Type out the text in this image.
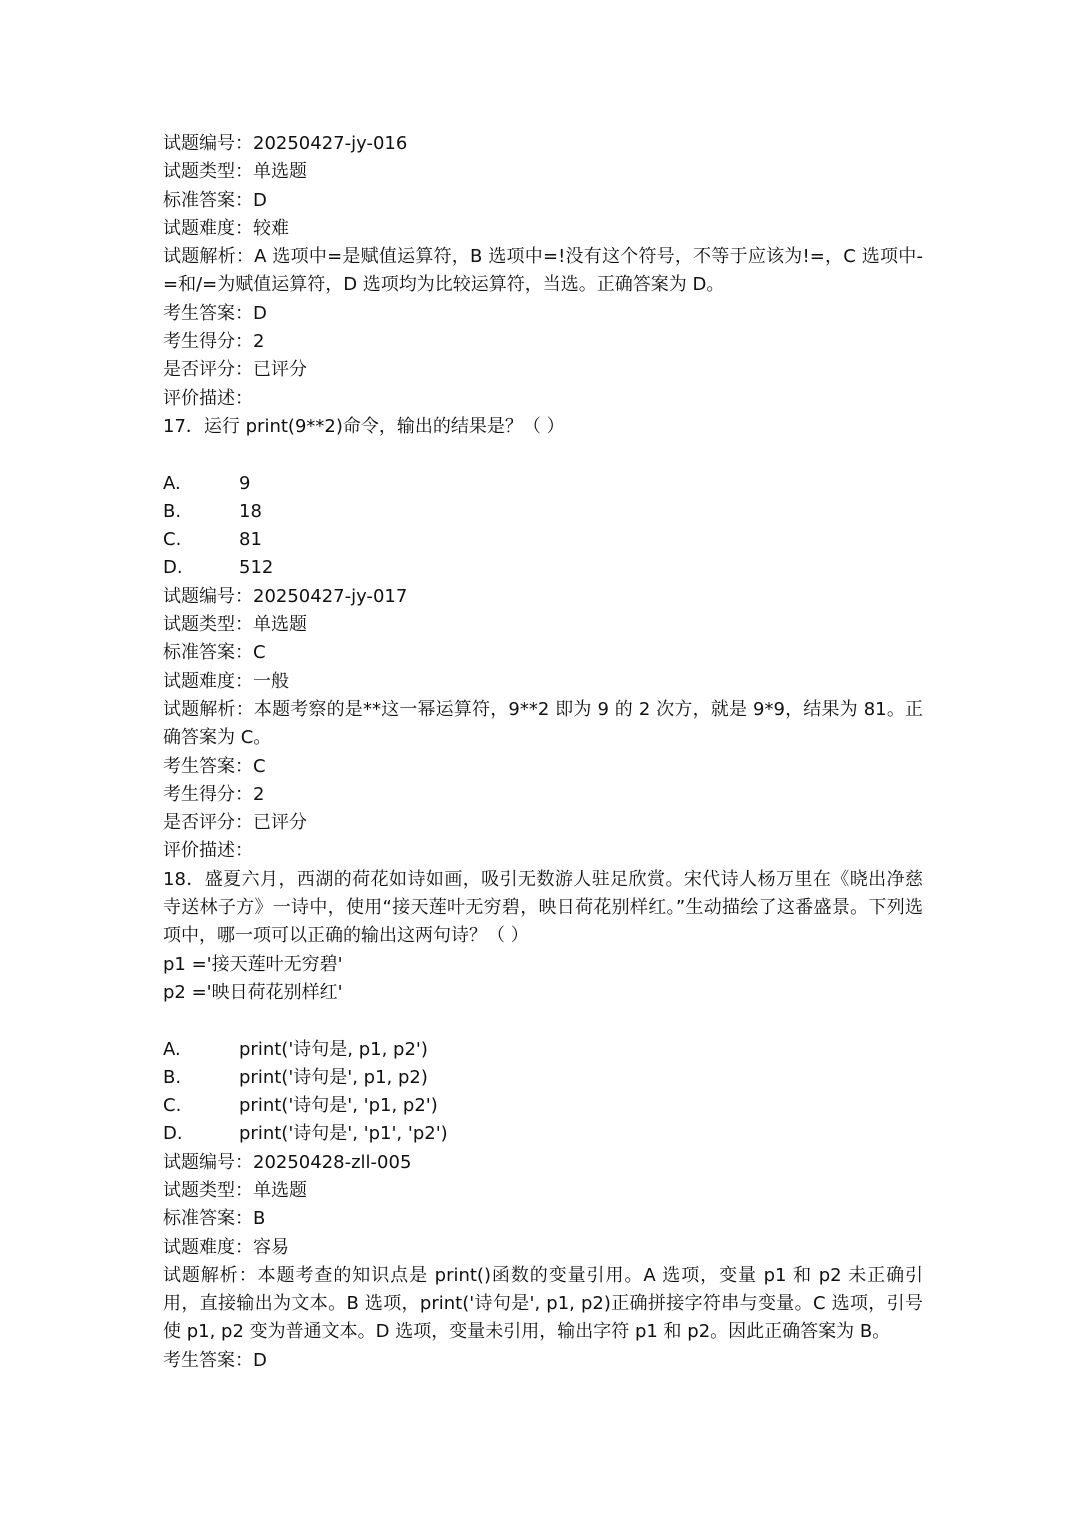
试题编号：20250427-jy-016

试题类型：单选题

标准答案：D

试题难度：较难

试题解析：A 选项中=是赋值运算符，B 选项中=!没有这个符号，不等于应该为!=，C 选项中-=和/=为赋值运算符，D 选项均为比较运算符，当选。正确答案为 D。

考生答案：D

考生得分：2

是否评分：已评分

评价描述：

17．运行 print(9**2)命令，输出的结果是？（ ）

A.	9
B.	18
C.	81
D.	512

试题编号：20250427-jy-017

试题类型：单选题

标准答案：C

试题难度：一般

试题解析：本题考察的是**这一幂运算符，9**2 即为 9 的 2 次方，就是 9*9，结果为 81。正确答案为 C。

考生答案：C

考生得分：2

是否评分：已评分

评价描述：

18．盛夏六月，西湖的荷花如诗如画，吸引无数游人驻足欣赏。宋代诗人杨万里在《晓出净慈寺送林子方》一诗中，使用“接天莲叶无穷碧，映日荷花别样红。”生动描绘了这番盛景。下列选项中，哪一项可以正确的输出这两句诗？（ ）

p1 ='接天莲叶无穷碧'

p2 ='映日荷花别样红'

A.	print('诗句是, p1, p2')
B.	print('诗句是', p1, p2)
C.	print('诗句是', 'p1, p2')
D.	print('诗句是', 'p1', 'p2')

试题编号：20250428-zll-005

试题类型：单选题

标准答案：B

试题难度：容易

试题解析：本题考查的知识点是 print()函数的变量引用。A 选项，变量 p1 和 p2 未正确引用，直接输出为文本。B 选项，print('诗句是', p1, p2)正确拼接字符串与变量。C 选项，引号使 p1, p2 变为普通文本。D 选项，变量未引用，输出字符 p1 和 p2。因此正确答案为 B。

考生答案：D
